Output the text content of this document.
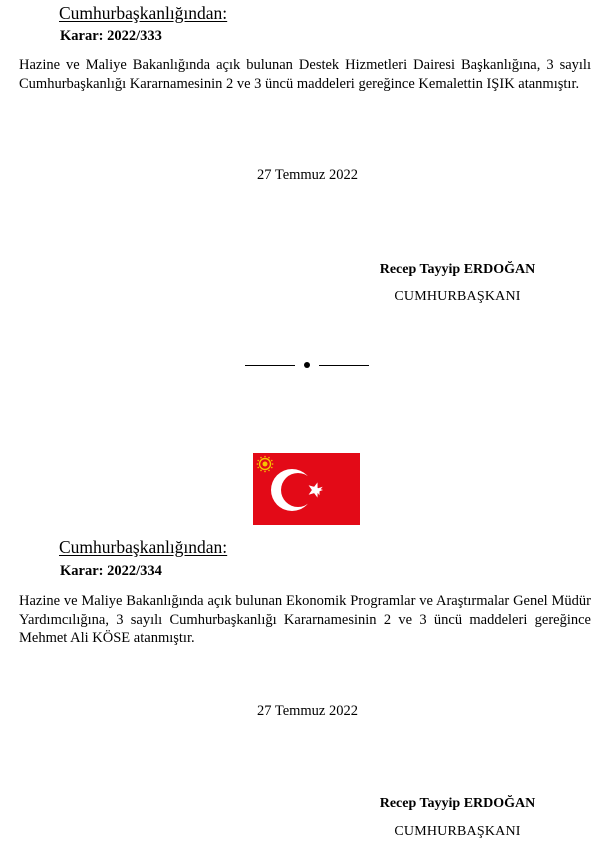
Cumhurbaşkanlığından:
Karar: 2022/333
Hazine ve Maliye Bakanlığında açık bulunan Destek Hizmetleri Dairesi Başkanlığına, 3 sayılı Cumhurbaşkanlığı Kararnamesinin 2 ve 3 üncü maddeleri gereğince Kemalettin IŞIK atanmıştır.
27 Temmuz 2022
Recep Tayyip ERDOĞAN
CUMHURBAŞKANI
Cumhurbaşkanlığından:
Karar: 2022/334
Hazine ve Maliye Bakanlığında açık bulunan Ekonomik Programlar ve Araştırmalar Genel Müdür Yardımcılığına, 3 sayılı Cumhurbaşkanlığı Kararnamesinin 2 ve 3 üncü maddeleri gereğince Mehmet Ali KÖSE atanmıştır.
27 Temmuz 2022
Recep Tayyip ERDOĞAN
CUMHURBAŞKANI
